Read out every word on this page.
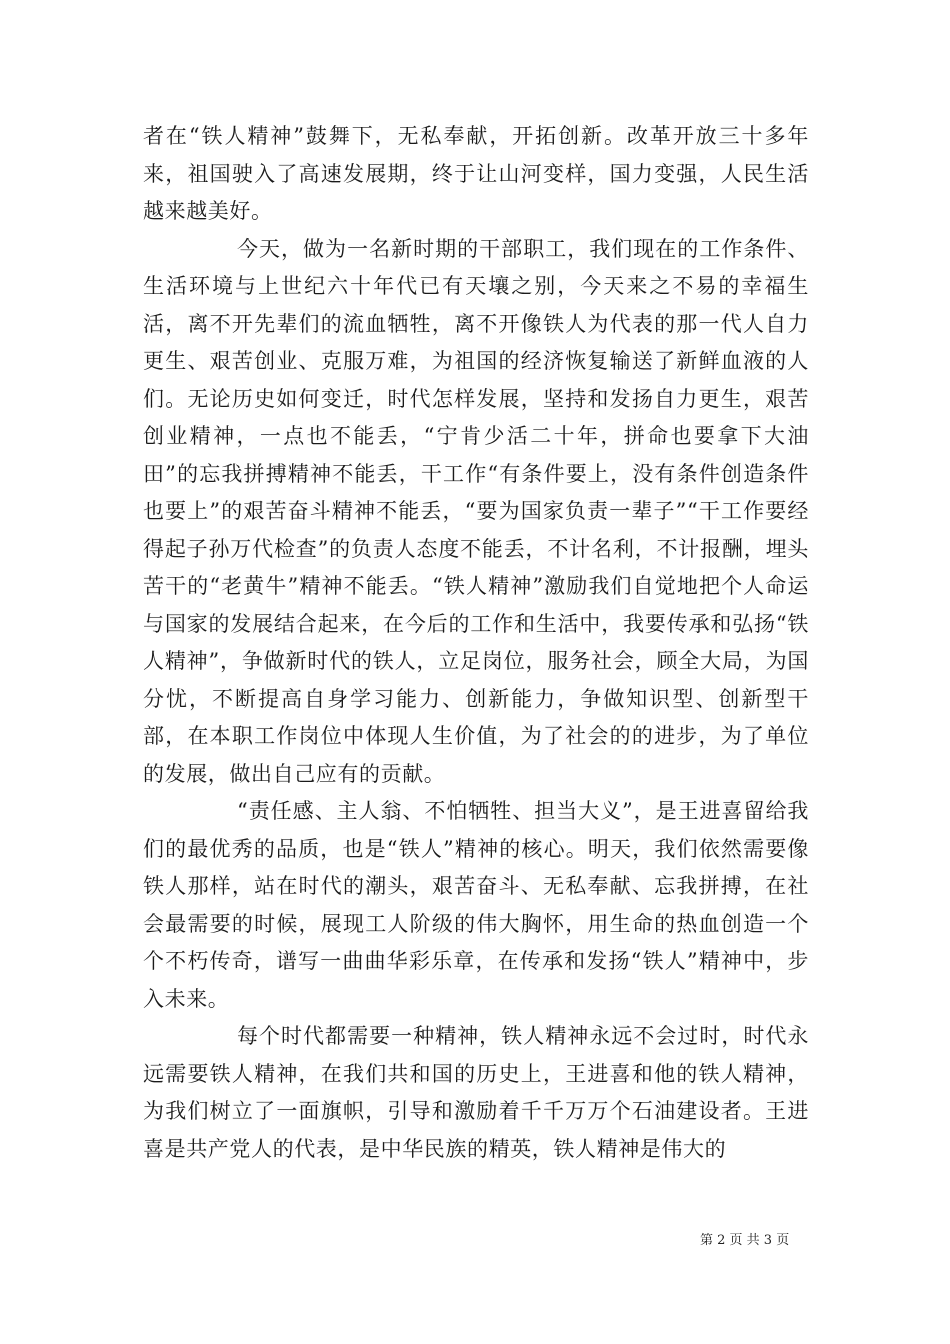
者在“铁人精神”鼓舞下，无私奉献，开拓创新。改革开放三十多年来，祖国驶入了高速发展期，终于让山河变样，国力变强，人民生活越来越美好。

今天，做为一名新时期的干部职工，我们现在的工作条件、生活环境与上世纪六十年代已有天壤之别，今天来之不易的幸福生活，离不开先辈们的流血牺牲，离不开像铁人为代表的那一代人自力更生、艰苦创业、克服万难，为祖国的经济恢复输送了新鲜血液的人们。无论历史如何变迁，时代怎样发展，坚持和发扬自力更生，艰苦创业精神，一点也不能丢，“宁肯少活二十年，拼命也要拿下大油田”的忘我拼搏精神不能丢，干工作“有条件要上，没有条件创造条件也要上”的艰苦奋斗精神不能丢，“要为国家负责一辈子”“干工作要经得起子孙万代检查”的负责人态度不能丢，不计名利，不计报酬，埋头苦干的“老黄牛”精神不能丢。“铁人精神”激励我们自觉地把个人命运与国家的发展结合起来，在今后的工作和生活中，我要传承和弘扬“铁人精神”，争做新时代的铁人，立足岗位，服务社会，顾全大局，为国分忧，不断提高自身学习能力、创新能力，争做知识型、创新型干部，在本职工作岗位中体现人生价值，为了社会的的进步，为了单位的发展，做出自己应有的贡献。

“责任感、主人翁、不怕牺牲、担当大义”，是王进喜留给我们的最优秀的品质，也是“铁人”精神的核心。明天，我们依然需要像铁人那样，站在时代的潮头，艰苦奋斗、无私奉献、忘我拼搏，在社会最需要的时候，展现工人阶级的伟大胸怀，用生命的热血创造一个个不朽传奇，谱写一曲曲华彩乐章，在传承和发扬“铁人”精神中，步入未来。

每个时代都需要一种精神，铁人精神永远不会过时，时代永远需要铁人精神，在我们共和国的历史上，王进喜和他的铁人精神，为我们树立了一面旗帜，引导和激励着千千万万个石油建设者。王进喜是共产党人的代表，是中华民族的精英，铁人精神是伟大的

第 2 页 共 3 页
